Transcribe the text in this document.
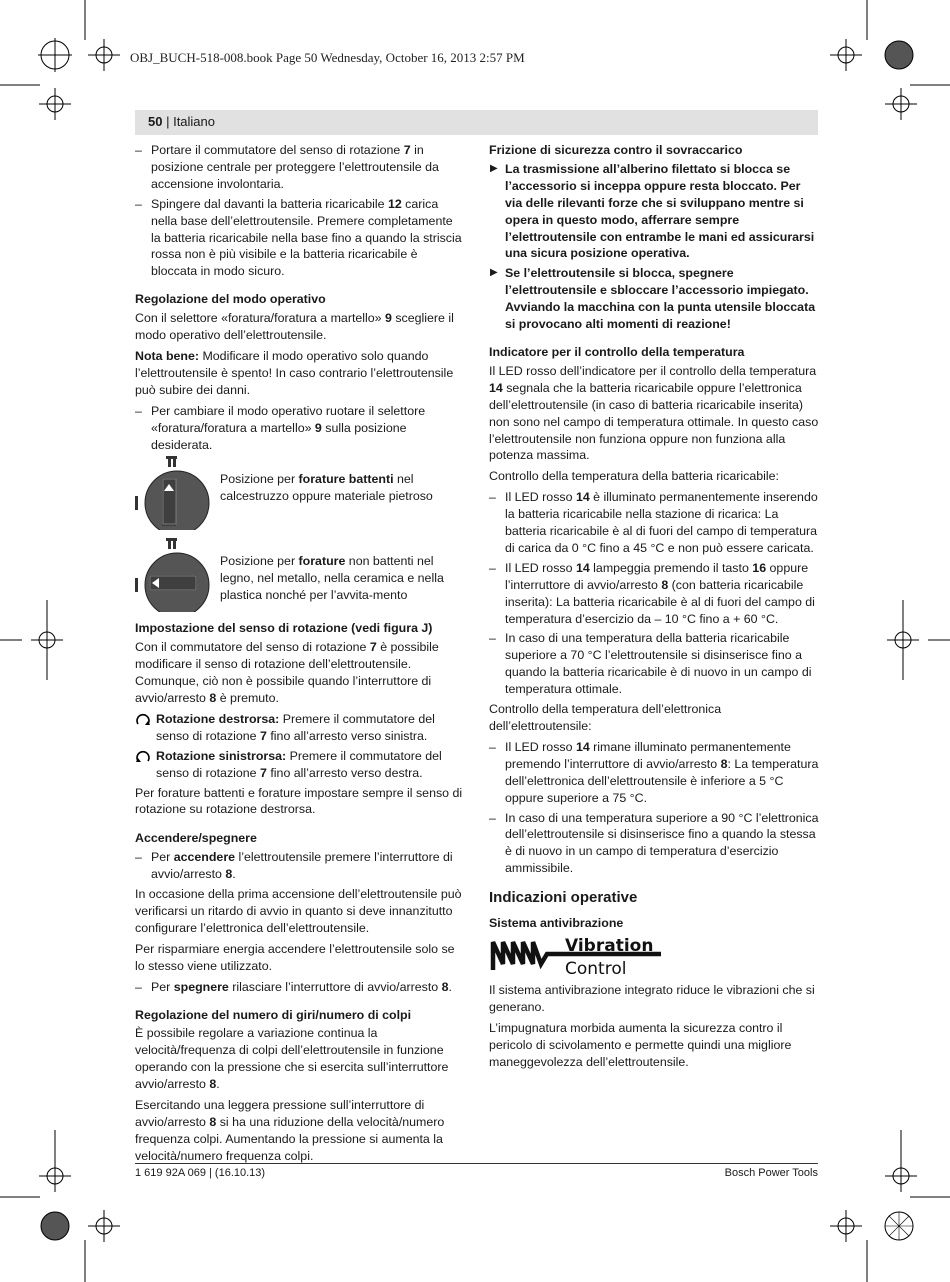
OBJ_BUCH-518-008.book Page 50 Wednesday, October 16, 2013 2:57 PM
50 | Italiano
– Portare il commutatore del senso di rotazione 7 in posizione centrale per proteggere l’elettroutensile da accensione involontaria.
– Spingere dal davanti la batteria ricaricabile 12 carica nella base dell’elettroutensile. Premere completamente la batteria ricaricabile nella base fino a quando la striscia rossa non è più visibile e la batteria ricaricabile è bloccata in modo sicuro.
Regolazione del modo operativo

Con il selettore «foratura/foratura a martello» 9 scegliere il modo operativo dell’elettroutensile.

Nota bene: Modificare il modo operativo solo quando l’elettroutensile è spento! In caso contrario l’elettroutensile può subire dei danni.

– Per cambiare il modo operativo ruotare il selettore «foratura/foratura a martello» 9 sulla posizione desiderata.
Posizione per forature battenti nel calcestruzzo oppure materiale pietroso
Posizione per forature non battenti nel legno, nel metallo, nella ceramica e nella plastica nonché per l’avvita-mento
Impostazione del senso di rotazione (vedi figura J)

Con il commutatore del senso di rotazione 7 è possibile modificare il senso di rotazione dell’elettroutensile. Comunque, ciò non è possibile quando l’interruttore di avvio/arresto 8 è premuto.

Rotazione destrorsa: Premere il commutatore del senso di rotazione 7 fino all’arresto verso sinistra.
Rotazione sinistrorsa: Premere il commutatore del senso di rotazione 7 fino all’arresto verso destra.

Per forature battenti e forature impostare sempre il senso di rotazione su rotazione destrorsa.

Accendere/spegnere
– Per accendere l’elettroutensile premere l’interruttore di avvio/arresto 8.

In occasione della prima accensione dell’elettroutensile può verificarsi un ritardo di avvio in quanto si deve innanzitutto configurare l’elettronica dell’elettroutensile.

Per risparmiare energia accendere l’elettroutensile solo se lo stesso viene utilizzato.

– Per spegnere rilasciare l’interruttore di avvio/arresto 8.
Regolazione del numero di giri/numero di colpi

È possibile regolare a variazione continua la velocità/frequenza di colpi dell’elettroutensile in funzione operando con la pressione che si esercita sull’interruttore avvio/arresto 8.

Esercitando una leggera pressione sull’interruttore di avvio/arresto 8 si ha una riduzione della velocità/numero frequenza colpi. Aumentando la pressione si aumenta la velocità/numero frequenza colpi.

Frizione di sicurezza contro il sovraccarico
▶ La trasmissione all’alberino filettato si blocca se l’accessorio si inceppa oppure resta bloccato. Per via delle rilevanti forze che si sviluppano mentre si opera in questo modo, afferrare sempre l’elettroutensile con entrambe le mani ed assicurarsi una sicura posizione operativa.
▶ Se l’elettroutensile si blocca, spegnere l’elettroutensile e sbloccare l’accessorio impiegato. Avviando la macchina con la punta utensile bloccata si provocano alti momenti di reazione!
Indicatore per il controllo della temperatura

Il LED rosso dell’indicatore per il controllo della temperatura 14 segnala che la batteria ricaricabile oppure l’elettronica dell’elettroutensile (in caso di batteria ricaricabile inserita) non sono nel campo di temperatura ottimale. In questo caso l’elettroutensile non funziona oppure non funziona alla potenza massima.

Controllo della temperatura della batteria ricaricabile:

– Il LED rosso 14 è illuminato permanentemente inserendo la batteria ricaricabile nella stazione di ricarica: La batteria ricaricabile è al di fuori del campo di temperatura di carica da 0 °C fino a 45 °C e non può essere caricata.
– Il LED rosso 14 lampeggia premendo il tasto 16 oppure l’interruttore di avvio/arresto 8 (con batteria ricaricabile inserita): La batteria ricaricabile è al di fuori del campo di temperatura d’esercizio da – 10 °C fino a + 60 °C.
– In caso di una temperatura della batteria ricaricabile superiore a 70 °C l’elettroutensile si disinserisce fino a quando la batteria ricaricabile è di nuovo in un campo di temperatura ottimale.

Controllo della temperatura dell’elettronica dell’elettroutensile:

– Il LED rosso 14 rimane illuminato permanentemente premendo l’interruttore di avvio/arresto 8: La temperatura dell’elettronica dell’elettroutensile è inferiore a 5 °C oppure superiore a 75 °C.
– In caso di una temperatura superiore a 90 °C l’elettronica dell’elettroutensile si disinserisce fino a quando la stessa è di nuovo in un campo di temperatura d’esercizio ammissibile.
Indicazioni operative
Sistema antivibrazione
Vibration
Control

Il sistema antivibrazione integrato riduce le vibrazioni che si generano.

L’impugnatura morbida aumenta la sicurezza contro il pericolo di scivolamento e permette quindi una migliore maneggevolezza dell’elettroutensile.

1 619 92A 069 | (16.10.13)	Bosch Power Tools
